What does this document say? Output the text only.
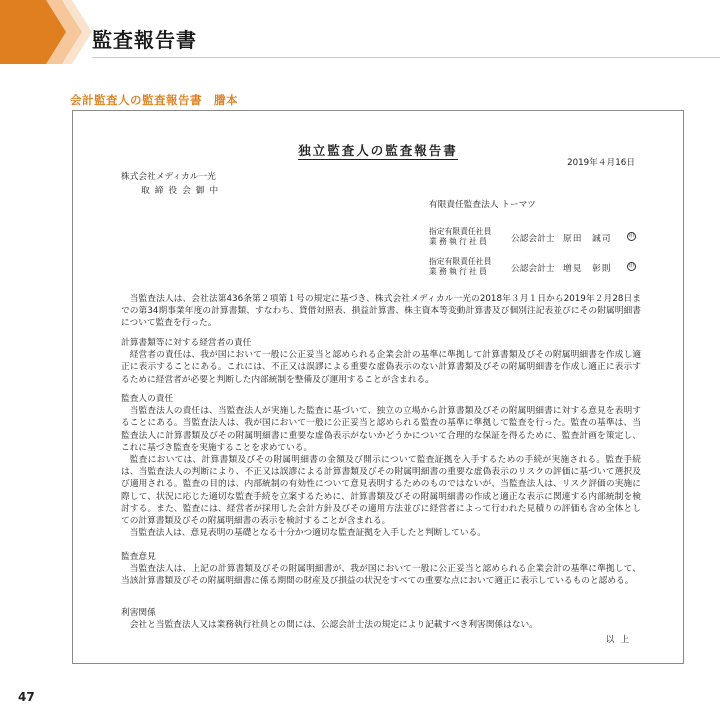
監査報告書
会計監査人の監査報告書　謄本
独立監査人の監査報告書
2019年４月16日
株式会社メディカル一光
取締役会御中
有限責任監査法人 トーマツ
指定有限責任社員
業務執行社員	公認会計士 原田　誠司	印
指定有限責任社員
業務執行社員	公認会計士 増見　彰則	印

当監査法人は、会社法第436条第２項第１号の規定に基づき、株式会社メディカル一光の2018年３月１日から2019年２月28日までの第34期事業年度の計算書類、すなわち、貸借対照表、損益計算書、株主資本等変動計算書及び個別注記表並びにその附属明細書について監査を行った。

計算書類等に対する経営者の責任

経営者の責任は、我が国において一般に公正妥当と認められる企業会計の基準に準拠して計算書類及びその附属明細書を作成し適正に表示することにある。これには、不正又は誤謬による重要な虚偽表示のない計算書類及びその附属明細書を作成し適正に表示するために経営者が必要と判断した内部統制を整備及び運用することが含まれる。

監査人の責任

当監査法人の責任は、当監査法人が実施した監査に基づいて、独立の立場から計算書類及びその附属明細書に対する意見を表明することにある。当監査法人は、我が国において一般に公正妥当と認められる監査の基準に準拠して監査を行った。監査の基準は、当監査法人に計算書類及びその附属明細書に重要な虚偽表示がないかどうかについて合理的な保証を得るために、監査計画を策定し、これに基づき監査を実施することを求めている。

監査においては、計算書類及びその附属明細書の金額及び開示について監査証拠を入手するための手続が実施される。監査手続は、当監査法人の判断により、不正又は誤謬による計算書類及びその附属明細書の重要な虚偽表示のリスクの評価に基づいて選択及び適用される。監査の目的は、内部統制の有効性について意見表明するためのものではないが、当監査法人は、リスク評価の実施に際して、状況に応じた適切な監査手続を立案するために、計算書類及びその附属明細書の作成と適正な表示に関連する内部統制を検討する。また、監査には、経営者が採用した会計方針及びその適用方法並びに経営者によって行われた見積りの評価も含め全体としての計算書類及びその附属明細書の表示を検討することが含まれる。

当監査法人は、意見表明の基礎となる十分かつ適切な監査証拠を入手したと判断している。

監査意見

当監査法人は、上記の計算書類及びその附属明細書が、我が国において一般に公正妥当と認められる企業会計の基準に準拠して、当該計算書類及びその附属明細書に係る期間の財産及び損益の状況をすべての重要な点において適正に表示しているものと認める。

利害関係

会社と当監査法人又は業務執行社員との間には、公認会計士法の規定により記載すべき利害関係はない。

以上
47
